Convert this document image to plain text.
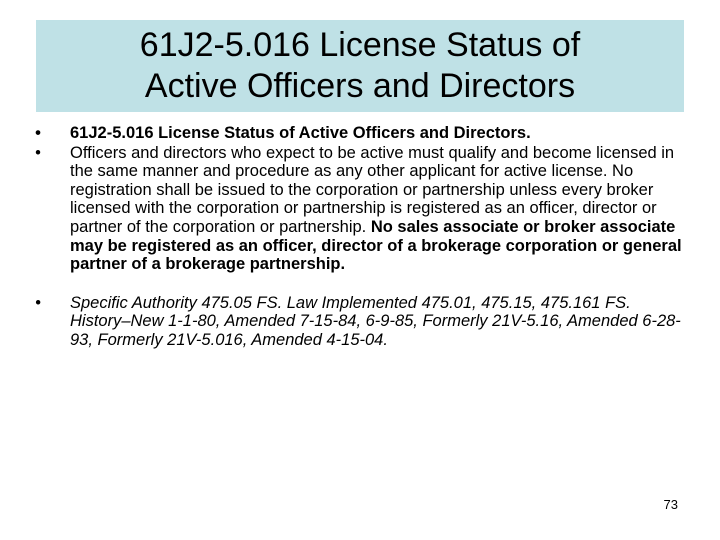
61J2-5.016 License Status of
Active Officers and Directors
•	61J2-5.016 License Status of Active Officers and Directors.
•	Officers and directors who expect to be active must qualify and become licensed in the same manner and procedure as any other applicant for active license. No registration shall be issued to the corporation or partnership unless every broker licensed with the corporation or partnership is registered as an officer, director or partner of the corporation or partnership. No sales associate or broker associate may be registered as an officer, director of a brokerage corporation or general partner of a brokerage partnership.
•	Specific Authority 475.05 FS. Law Implemented 475.01, 475.15, 475.161 FS. History–New 1-1-80, Amended 7-15-84, 6-9-85, Formerly 21V-5.16, Amended 6-28-93, Formerly 21V-5.016, Amended 4-15-04.
73
